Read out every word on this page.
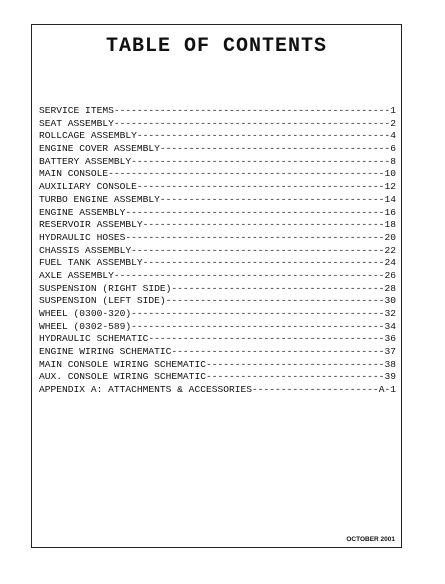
TABLE OF CONTENTS
SERVICE ITEMS -----	1
SEAT ASSEMBLY -----	2
ROLLCAGE ASSEMBLY -----	4
ENGINE COVER ASSEMBLY -----	6
BATTERY ASSEMBLY -----	8
MAIN CONSOLE -----	10
AUXILIARY CONSOLE -----	12
TURBO ENGINE ASSEMBLY -----	14
ENGINE ASSEMBLY -----	16
RESERVOIR ASSEMBLY -----	18
HYDRAULIC HOSES -----	20
CHASSIS ASSEMBLY -----	22
FUEL TANK ASSEMBLY -----	24
AXLE ASSEMBLY -----	26
SUSPENSION (RIGHT SIDE) -----	28
SUSPENSION (LEFT SIDE) -----	30
WHEEL (0300-320) -----	32
WHEEL (0302-589) -----	34
HYDRAULIC SCHEMATIC -----	36
ENGINE WIRING SCHEMATIC -----	37
MAIN CONSOLE WIRING SCHEMATIC -----	38
AUX. CONSOLE WIRING SCHEMATIC -----	39
APPENDIX A: ATTACHMENTS & ACCESSORIES -----	A-1
OCTOBER 2001
